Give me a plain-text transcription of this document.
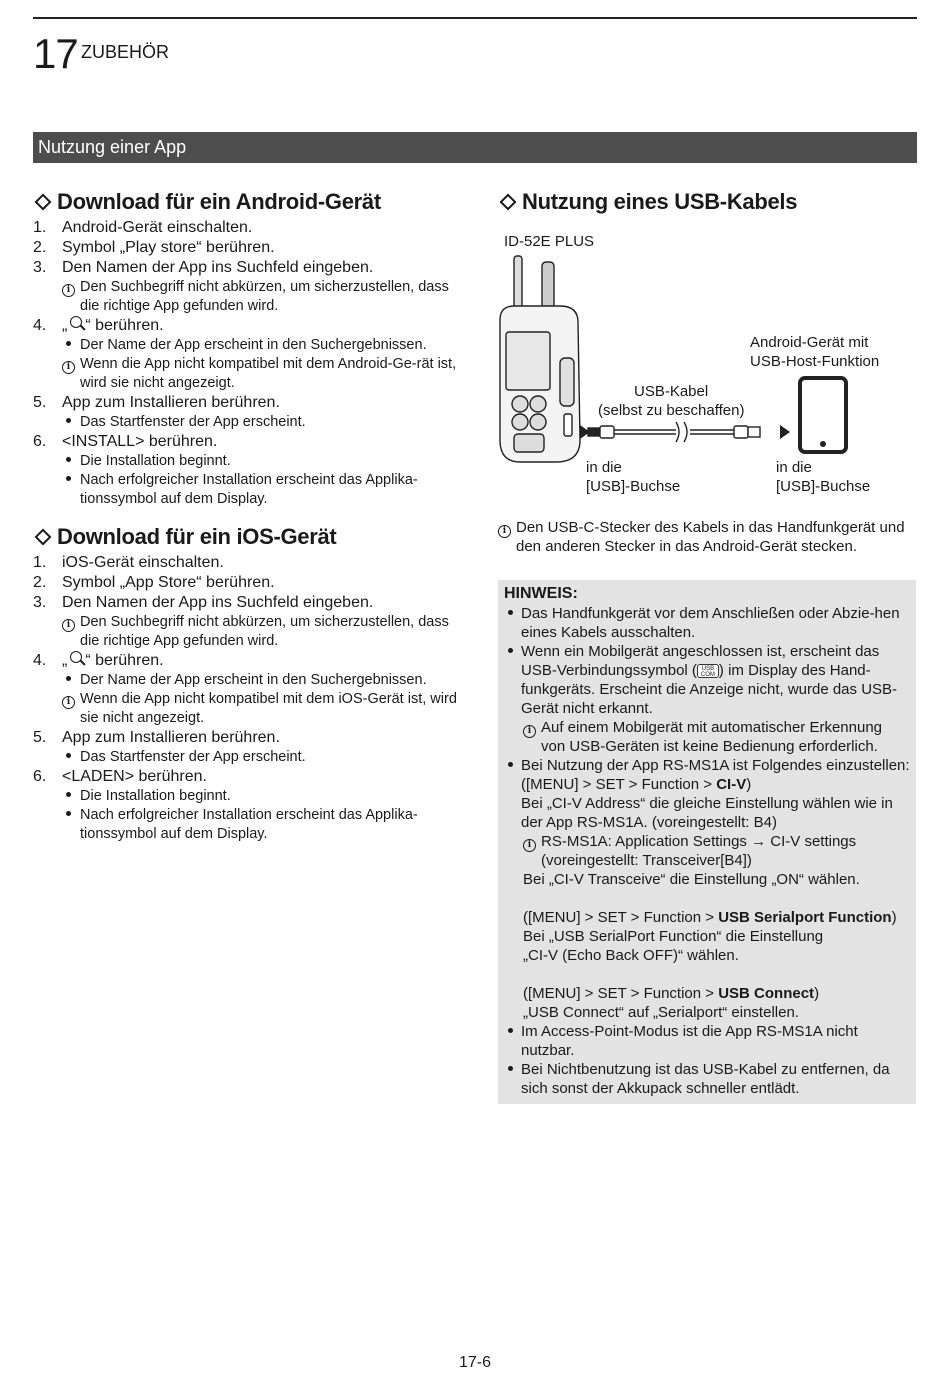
17 ZUBEHÖR
Nutzung einer App
Download für ein Android-Gerät
1. Android-Gerät einschalten.
2. Symbol „Play store“ berühren.
3. Den Namen der App ins Suchfeld eingeben.
i Den Suchbegriff nicht abkürzen, um sicherzustellen, dass die richtige App gefunden wird.
4. „ “ berühren.
Der Name der App erscheint in den Suchergebnissen.
i Wenn die App nicht kompatibel mit dem Android-Ge-rät ist, wird sie nicht angezeigt.
5. App zum Installieren berühren.
Das Startfenster der App erscheint.
6. <INSTALL> berühren.
Die Installation beginnt.
Nach erfolgreicher Installation erscheint das Applika-tionssymbol auf dem Display.
Download für ein iOS-Gerät
1. iOS-Gerät einschalten.
2. Symbol „App Store“ berühren.
3. Den Namen der App ins Suchfeld eingeben.
i Den Suchbegriff nicht abkürzen, um sicherzustellen, dass die richtige App gefunden wird.
4. „ “ berühren.
Der Name der App erscheint in den Suchergebnissen.
i Wenn die App nicht kompatibel mit dem iOS-Gerät ist, wird sie nicht angezeigt.
5. App zum Installieren berühren.
Das Startfenster der App erscheint.
6. <LADEN> berühren.
Die Installation beginnt.
Nach erfolgreicher Installation erscheint das Applika-tionssymbol auf dem Display.
Nutzung eines USB-Kabels
ID-52E PLUS
Android-Gerät mit
USB-Host-Funktion
USB-Kabel
(selbst zu beschaffen)
in die	in die
[USB]-Buchse	[USB]-Buchse
i Den USB-C-Stecker des Kabels in das Handfunkgerät und den anderen Stecker in das Android-Gerät stecken.
HINWEIS:
Das Handfunkgerät vor dem Anschließen oder Abzie-hen eines Kabels ausschalten.
Wenn ein Mobilgerät angeschlossen ist, erscheint das USB-Verbindungssymbol ( USB
COM ) im Display des Hand-funkgeräts. Erscheint die Anzeige nicht, wurde das USB-Gerät nicht erkannt.
i Auf einem Mobilgerät mit automatischer Erkennung von USB-Geräten ist keine Bedienung erforderlich.
Bei Nutzung der App RS-MS1A ist Folgendes einzustellen:
([MENU] > SET > Function > CI-V)
Bei „CI-V Address“ die gleiche Einstellung wählen wie in der App RS-MS1A. (voreingestellt: B4)
i RS-MS1A: Application Settings → CI-V settings (voreingestellt: Transceiver[B4])
Bei „CI-V Transceive“ die Einstellung „ON“ wählen.
([MENU] > SET > Function > USB Serialport Function)
Bei „USB SerialPort Function“ die Einstellung
„CI-V (Echo Back OFF)“ wählen.
([MENU] > SET > Function > USB Connect)
„USB Connect“ auf „Serialport“ einstellen.
Im Access-Point-Modus ist die App RS-MS1A nicht nutzbar.
Bei Nichtbenutzung ist das USB-Kabel zu entfernen, da sich sonst der Akkupack schneller entlädt.
17-6
